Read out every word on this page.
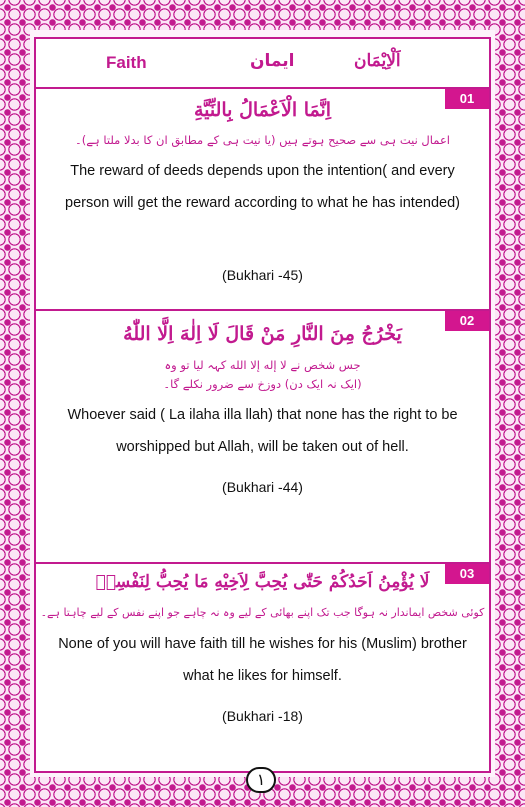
Faith	ایمان	اَلْاِیْمَان
01
اِنَّمَا الْاَعْمَالُ بِالنِّيَّةِ
اعمال نیت ہی سے صحیح ہوتے ہیں (یا نیت ہی کے مطابق ان کا بدلا ملتا ہے)۔
The reward of deeds depends upon the intention( and every person will get the reward according to what he has intended)
(Bukhari -45)
02
يَخْرُجُ مِنَ النَّارِ مَنْ قَالَ لَا اِلٰهَ اِلَّا اللّٰهُ
جس شخص نے لا إله إلا الله کہہ لیا تو وہ
(ایک نہ ایک دن) دوزخ سے ضرور نکلے گا۔
Whoever said ( La ilaha illa llah) that none has the right to be worshipped but Allah, will be taken out of hell.
(Bukhari -44)
03
لَا يُؤْمِنُ اَحَدُكُمْ حَتّٰى يُحِبَّ لِاَخِيْهِ مَا يُحِبُّ لِنَفْسِهٖ
کوئی شخص ایماندار نہ ہوگا جب تک اپنے بھائی کے لیے وہ نہ چاہے جو اپنے نفس کے لیے چاہتا ہے۔
None of you will have faith till he wishes for his (Muslim) brother what he likes for himself.
(Bukhari -18)
١
